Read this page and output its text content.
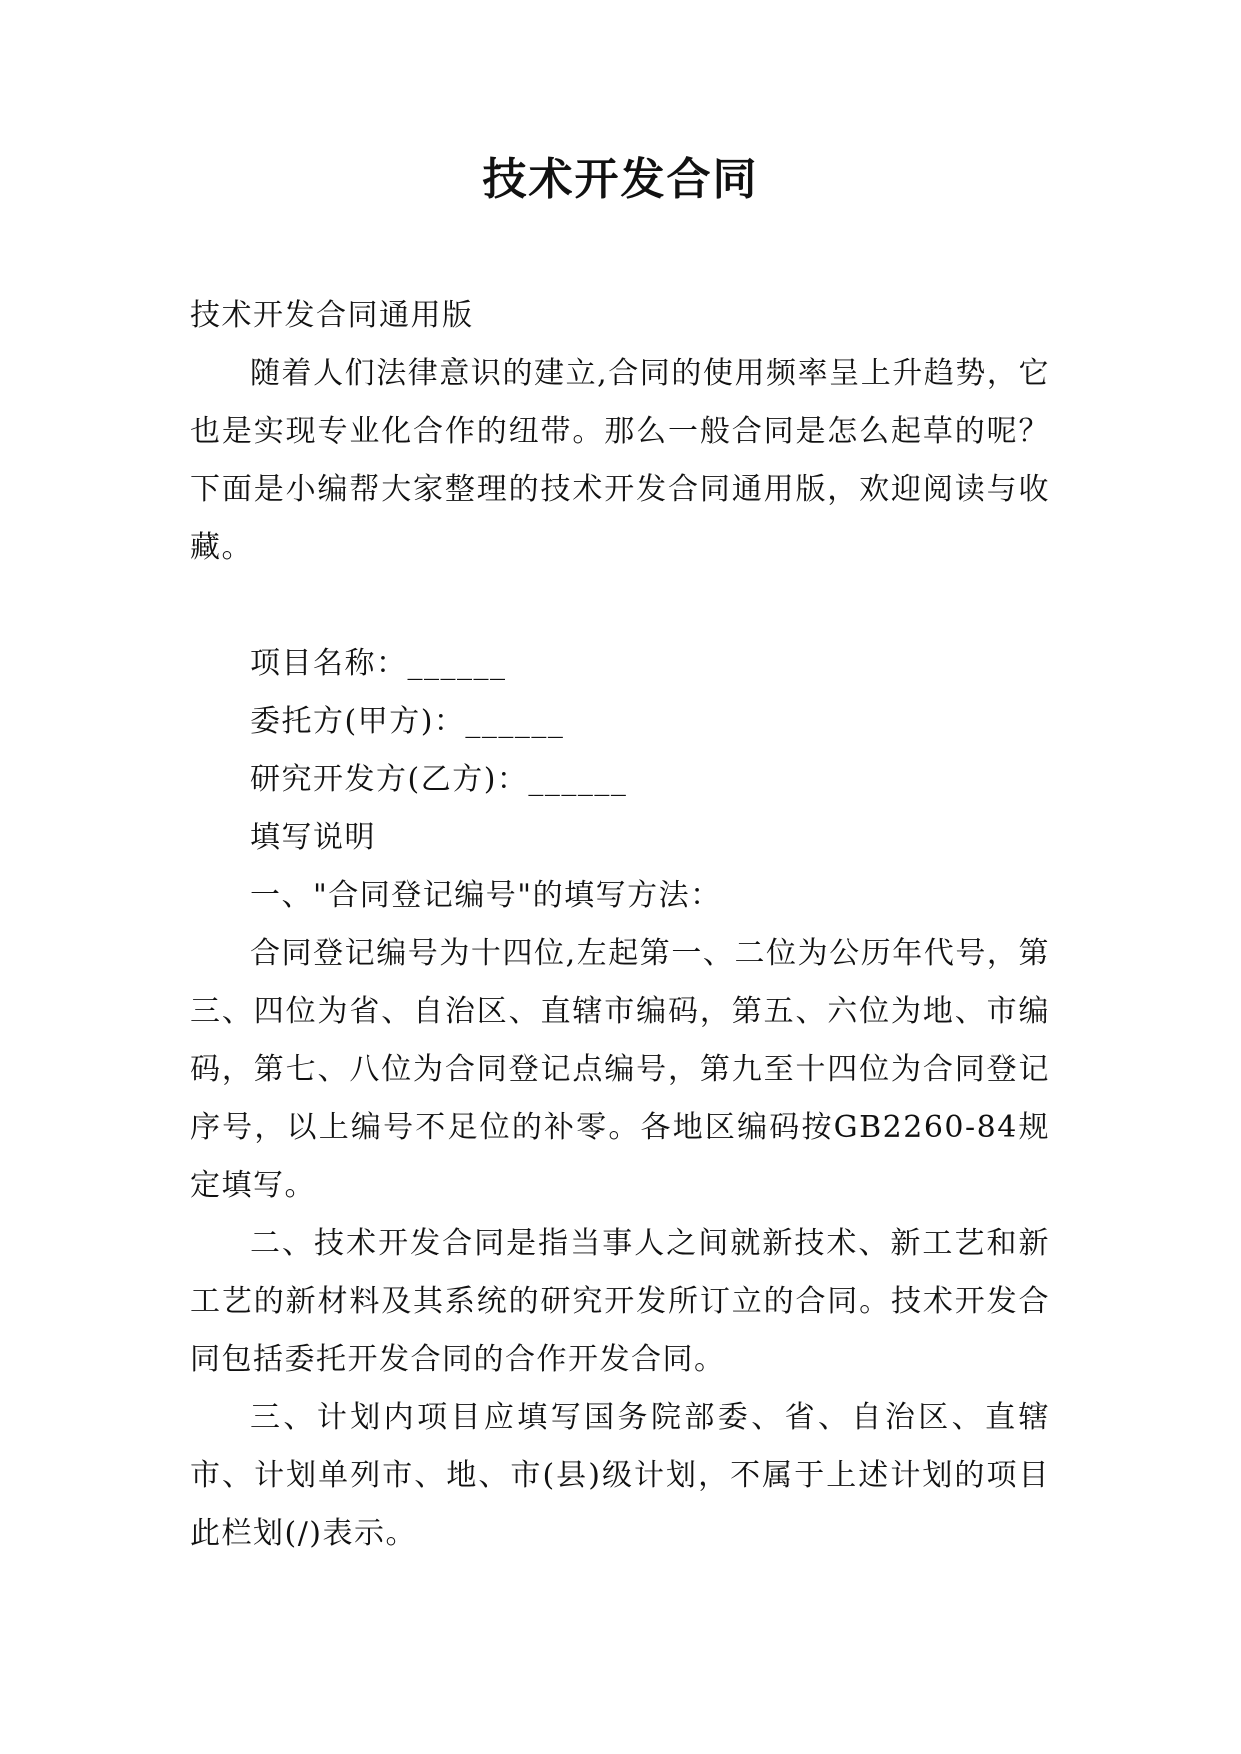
技术开发合同

技术开发合同通用版

随着人们法律意识的建立,合同的使用频率呈上升趋势，它也是实现专业化合作的纽带。那么一般合同是怎么起草的呢？下面是小编帮大家整理的技术开发合同通用版，欢迎阅读与收藏。

项目名称：______

委托方(甲方)：______

研究开发方(乙方)：______

填写说明

一、"合同登记编号"的填写方法：

合同登记编号为十四位,左起第一、二位为公历年代号，第三、四位为省、自治区、直辖市编码，第五、六位为地、市编码，第七、八位为合同登记点编号，第九至十四位为合同登记序号，以上编号不足位的补零。各地区编码按GB2260-84规定填写。

二、技术开发合同是指当事人之间就新技术、新工艺和新工艺的新材料及其系统的研究开发所订立的合同。技术开发合同包括委托开发合同的合作开发合同。

三、计划内项目应填写国务院部委、省、自治区、直辖市、计划单列市、地、市(县)级计划，不属于上述计划的项目此栏划(/)表示。
